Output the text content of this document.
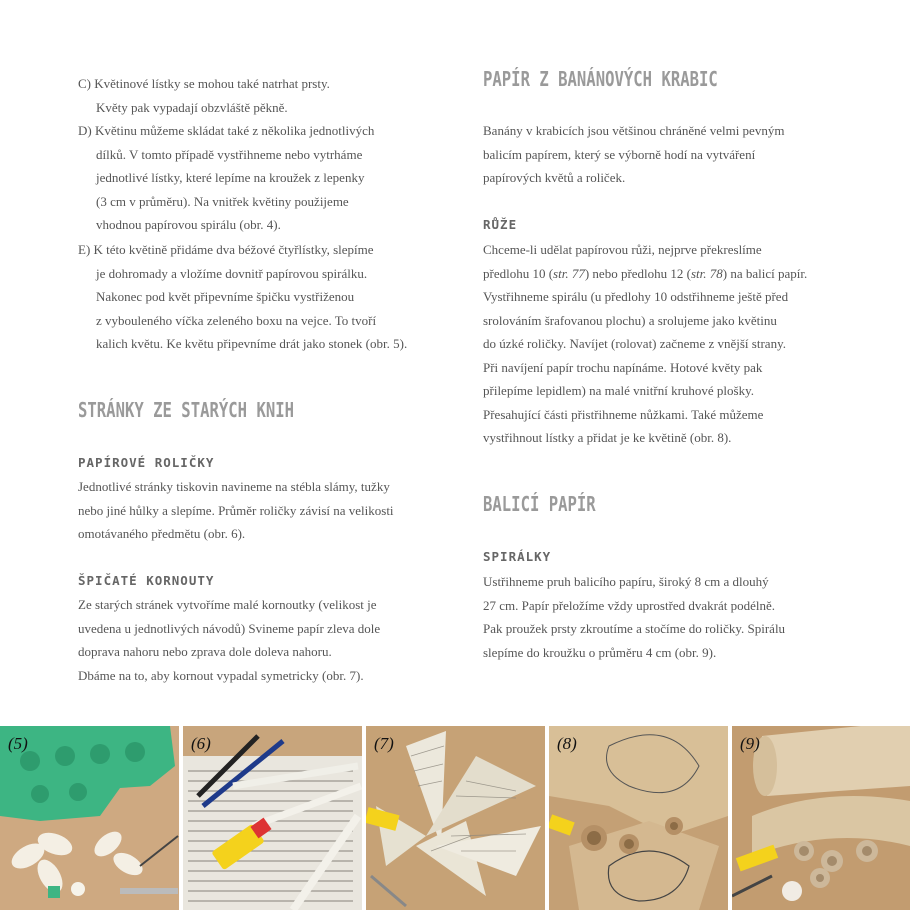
C) Květinové lístky se mohou také natrhat prsty.
Květy pak vypadají obzvláště pěkně.
D) Květinu můžeme skládat také z několika jednotlivých
dílků. V tomto případě vystřihneme nebo vytrháme
jednotlivé lístky, které lepíme na kroužek z lepenky
(3 cm v průměru). Na vnitřek květiny použijeme
vhodnou papírovou spirálu (obr. 4).
E) K této květině přidáme dva béžové čtyřlístky, slepíme
je dohromady a vložíme dovnitř papírovou spirálku.
Nakonec pod květ připevníme špičku vystřiženou
z vybouleného víčka zeleného boxu na vejce. To tvoří
kalich květu. Ke květu připevníme drát jako stonek (obr. 5).
STRÁNKY ZE STARÝCH KNIH
PAPÍROVÉ ROLIČKY
Jednotlivé stránky tiskovin navineme na stébla slámy, tužky
nebo jiné hůlky a slepíme. Průměr roličky závisí na velikosti
omotávaného předmětu (obr. 6).
ŠPIČATÉ KORNOUTY
Ze starých stránek vytvoříme malé kornoutky (velikost je
uvedena u jednotlivých návodů) Svineme papír zleva dole
doprava nahoru nebo zprava dole doleva nahoru.
Dbáme na to, aby kornout vypadal symetricky (obr. 7).
PAPÍR Z BANÁNOVÝCH KRABIC
Banány v krabicích jsou většinou chráněné velmi pevným
balicím papírem, který se výborně hodí na vytváření
papírových květů a roliček.
RŮŽE
Chceme-li udělat papírovou růži, nejprve překreslíme
předlohu 10 (str. 77) nebo předlohu 12 (str. 78) na balicí papír.
Vystřihneme spirálu (u předlohy 10 odstřihneme ještě před
srolováním šrafovanou plochu) a srolujeme jako květinu
do úzké roličky. Navíjet (rolovat) začneme z vnější strany.
Při navíjení papír trochu napínáme. Hotové květy pak
přilepíme lepidlem) na malé vnitřní kruhové plošky.
Přesahující části přistřihneme nůžkami. Také můžeme
vystřihnout lístky a přidat je ke květině (obr. 8).
BALICÍ PAPÍR
SPIRÁLKY
Ustřihneme pruh balicího papíru, široký 8 cm a dlouhý
27 cm. Papír přeložíme vždy uprostřed dvakrát podélně.
Pak proužek prsty zkroutíme a stočíme do roličky. Spirálu
slepíme do kroužku o průměru 4 cm (obr. 9).
(5)	(6)	(7)	(8)	(9)
